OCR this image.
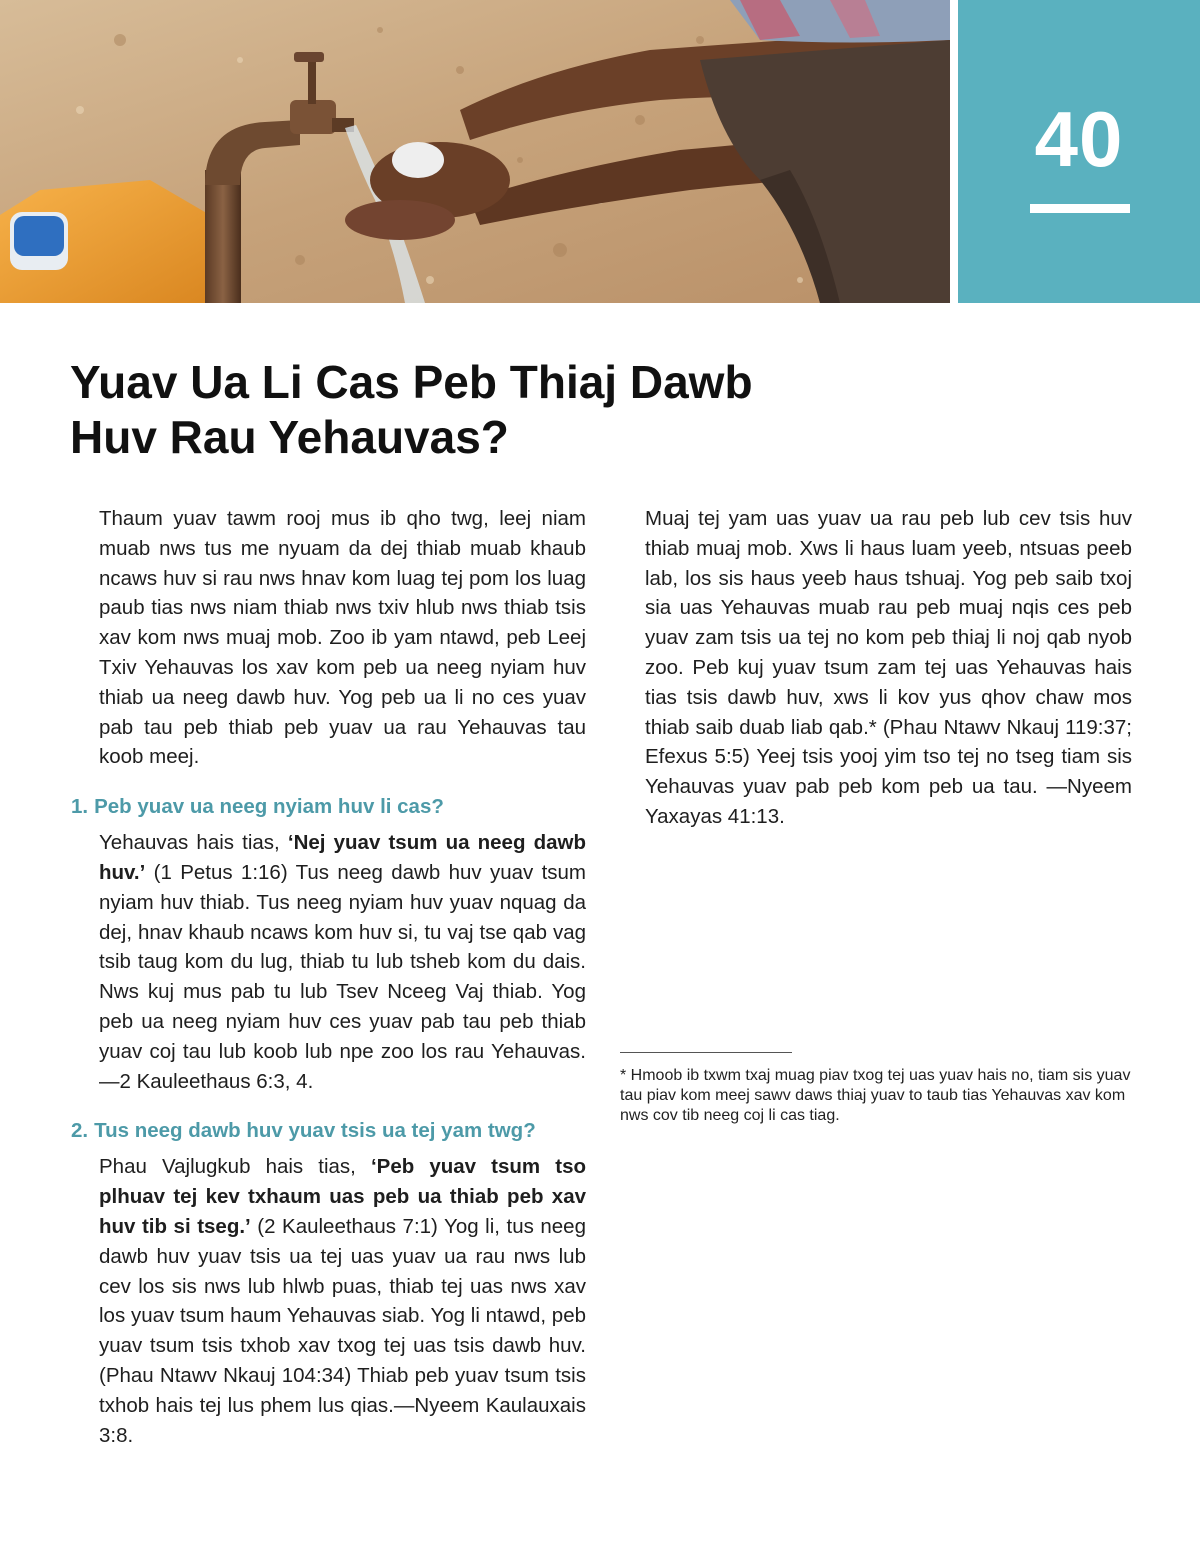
40
Yuav Ua Li Cas Peb Thiaj Dawb
Huv Rau Yehauvas?

Thaum yuav tawm rooj mus ib qho twg, leej niam muab nws tus me nyuam da dej thiab muab khaub ncaws huv si rau nws hnav kom luag tej pom los luag paub tias nws niam thiab nws txiv hlub nws thiab tsis xav kom nws muaj mob. Zoo ib yam ntawd, peb Leej Txiv Yehauvas los xav kom peb ua neeg nyiam huv thiab ua neeg dawb huv. Yog peb ua li no ces yuav pab tau peb thiab peb yuav ua rau Yehauvas tau koob meej.

1. Peb yuav ua neeg nyiam huv li cas?

Yehauvas hais tias, ‘Nej yuav tsum ua neeg dawb huv.’ (1 Petus 1:16) Tus neeg dawb huv yuav tsum nyiam huv thiab. Tus neeg nyiam huv yuav nquag da dej, hnav khaub ncaws kom huv si, tu vaj tse qab vag tsib taug kom du lug, thiab tu lub tsheb kom du dais. Nws kuj mus pab tu lub Tsev Nceeg Vaj thiab. Yog peb ua neeg nyiam huv ces yuav pab tau peb thiab yuav coj tau lub koob lub npe zoo los rau Yehauvas.—2 Kauleethaus 6:3, 4.

2. Tus neeg dawb huv yuav tsis ua tej yam twg?

Phau Vajlugkub hais tias, ‘Peb yuav tsum tso plhuav tej kev txhaum uas peb ua thiab peb xav huv tib si tseg.’ (2 Kauleethaus 7:1) Yog li, tus neeg dawb huv yuav tsis ua tej uas yuav ua rau nws lub cev los sis nws lub hlwb puas, thiab tej uas nws xav los yuav tsum haum Yehauvas siab. Yog li ntawd, peb yuav tsum tsis txhob xav txog tej uas tsis dawb huv. (Phau Ntawv Nkauj 104:34) Thiab peb yuav tsum tsis txhob hais tej lus phem lus qias.—Nyeem Kaulauxais 3:8.

Muaj tej yam uas yuav ua rau peb lub cev tsis huv thiab muaj mob. Xws li haus luam yeeb, ntsuas peeb lab, los sis haus yeeb haus tshuaj. Yog peb saib txoj sia uas Yehauvas muab rau peb muaj nqis ces peb yuav zam tsis ua tej no kom peb thiaj li noj qab nyob zoo. Peb kuj yuav tsum zam tej uas Yehauvas hais tias tsis dawb huv, xws li kov yus qhov chaw mos thiab saib duab liab qab.* (Phau Ntawv Nkauj 119:37; Efexus 5:5) Yeej tsis yooj yim tso tej no tseg tiam sis Yehauvas yuav pab peb kom peb ua tau. —Nyeem Yaxayas 41:13.

* Hmoob ib txwm txaj muag piav txog tej uas yuav hais no, tiam sis yuav tau piav kom meej sawv daws thiaj yuav to taub tias Yehauvas xav kom nws cov tib neeg coj li cas tiag.
